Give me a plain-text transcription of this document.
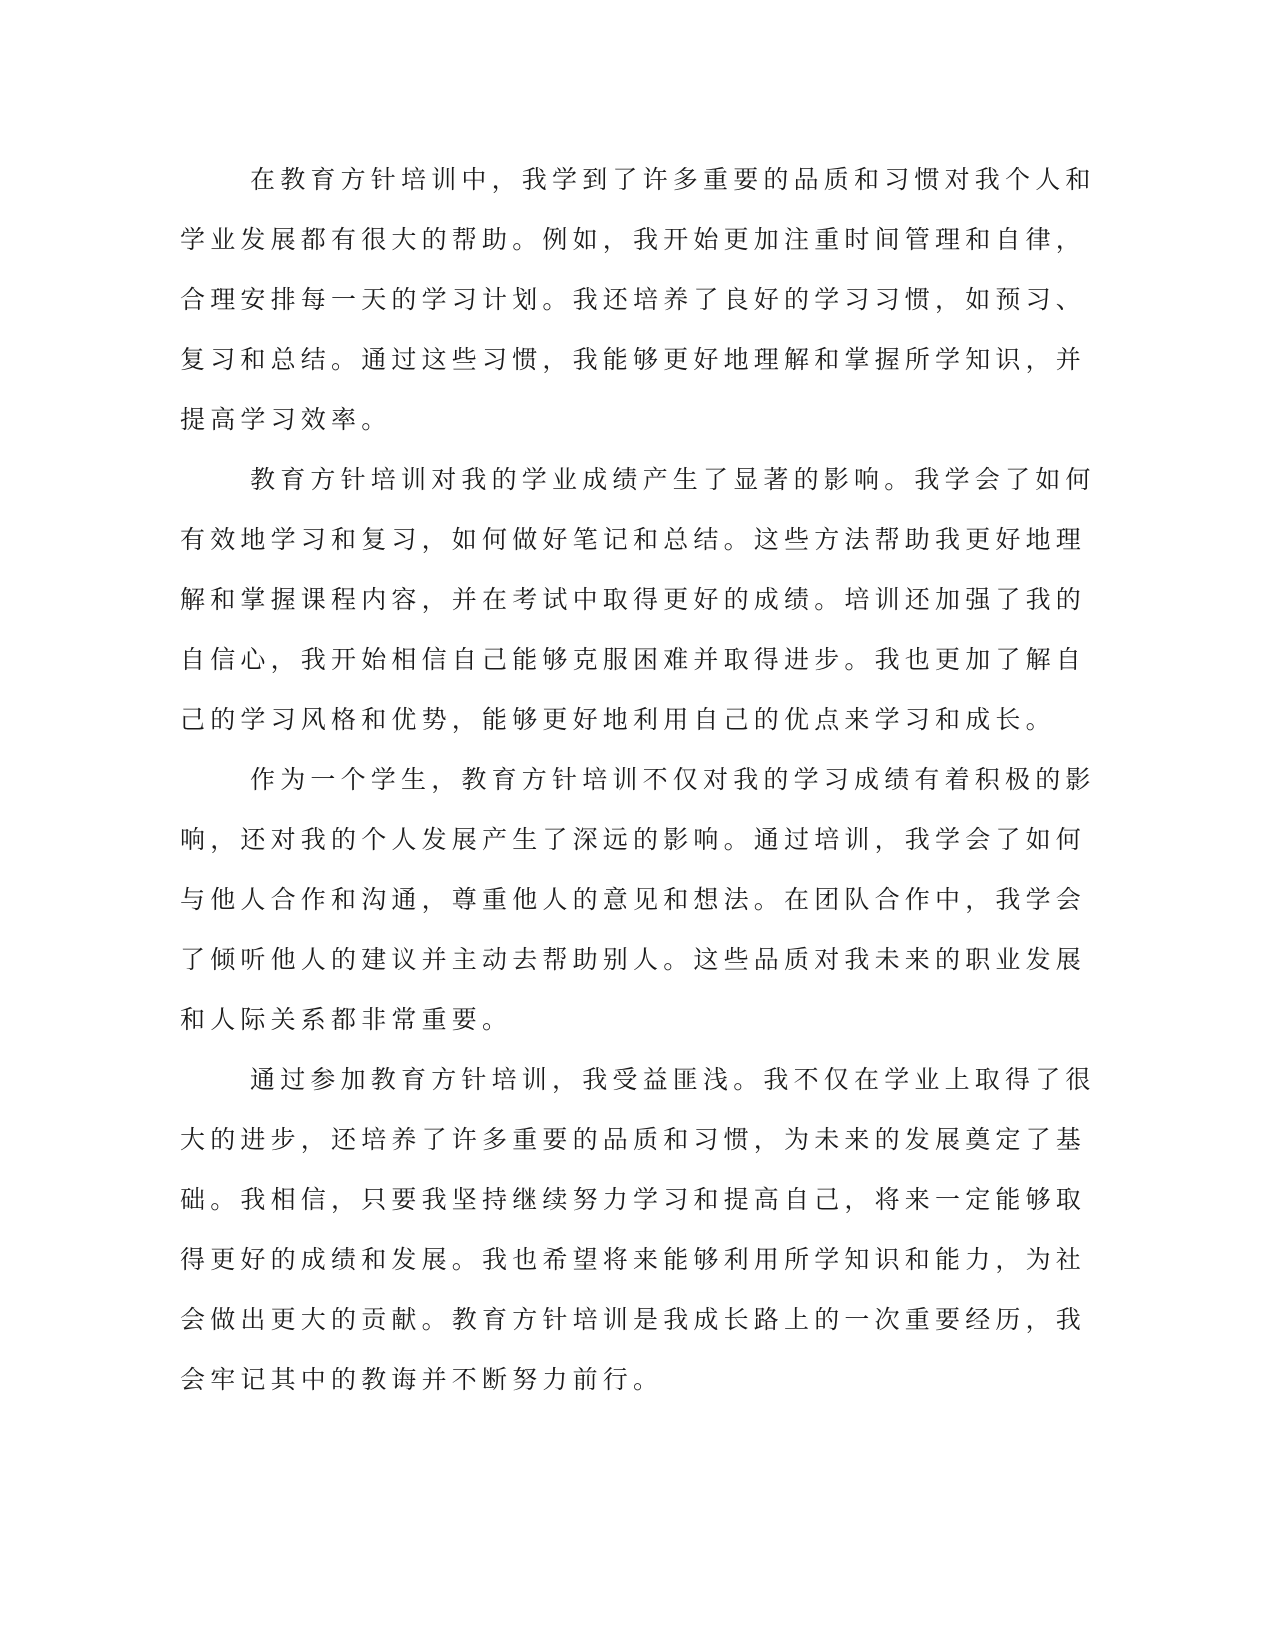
在教育方针培训中，我学到了许多重要的品质和习惯对我个人和
学业发展都有很大的帮助。例如，我开始更加注重时间管理和自律，
合理安排每一天的学习计划。我还培养了良好的学习习惯，如预习、
复习和总结。通过这些习惯，我能够更好地理解和掌握所学知识，并
提高学习效率。
教育方针培训对我的学业成绩产生了显著的影响。我学会了如何
有效地学习和复习，如何做好笔记和总结。这些方法帮助我更好地理
解和掌握课程内容，并在考试中取得更好的成绩。培训还加强了我的
自信心，我开始相信自己能够克服困难并取得进步。我也更加了解自
己的学习风格和优势，能够更好地利用自己的优点来学习和成长。
作为一个学生，教育方针培训不仅对我的学习成绩有着积极的影
响，还对我的个人发展产生了深远的影响。通过培训，我学会了如何
与他人合作和沟通，尊重他人的意见和想法。在团队合作中，我学会
了倾听他人的建议并主动去帮助别人。这些品质对我未来的职业发展
和人际关系都非常重要。
通过参加教育方针培训，我受益匪浅。我不仅在学业上取得了很
大的进步，还培养了许多重要的品质和习惯，为未来的发展奠定了基
础。我相信，只要我坚持继续努力学习和提高自己，将来一定能够取
得更好的成绩和发展。我也希望将来能够利用所学知识和能力，为社
会做出更大的贡献。教育方针培训是我成长路上的一次重要经历，我
会牢记其中的教诲并不断努力前行。
